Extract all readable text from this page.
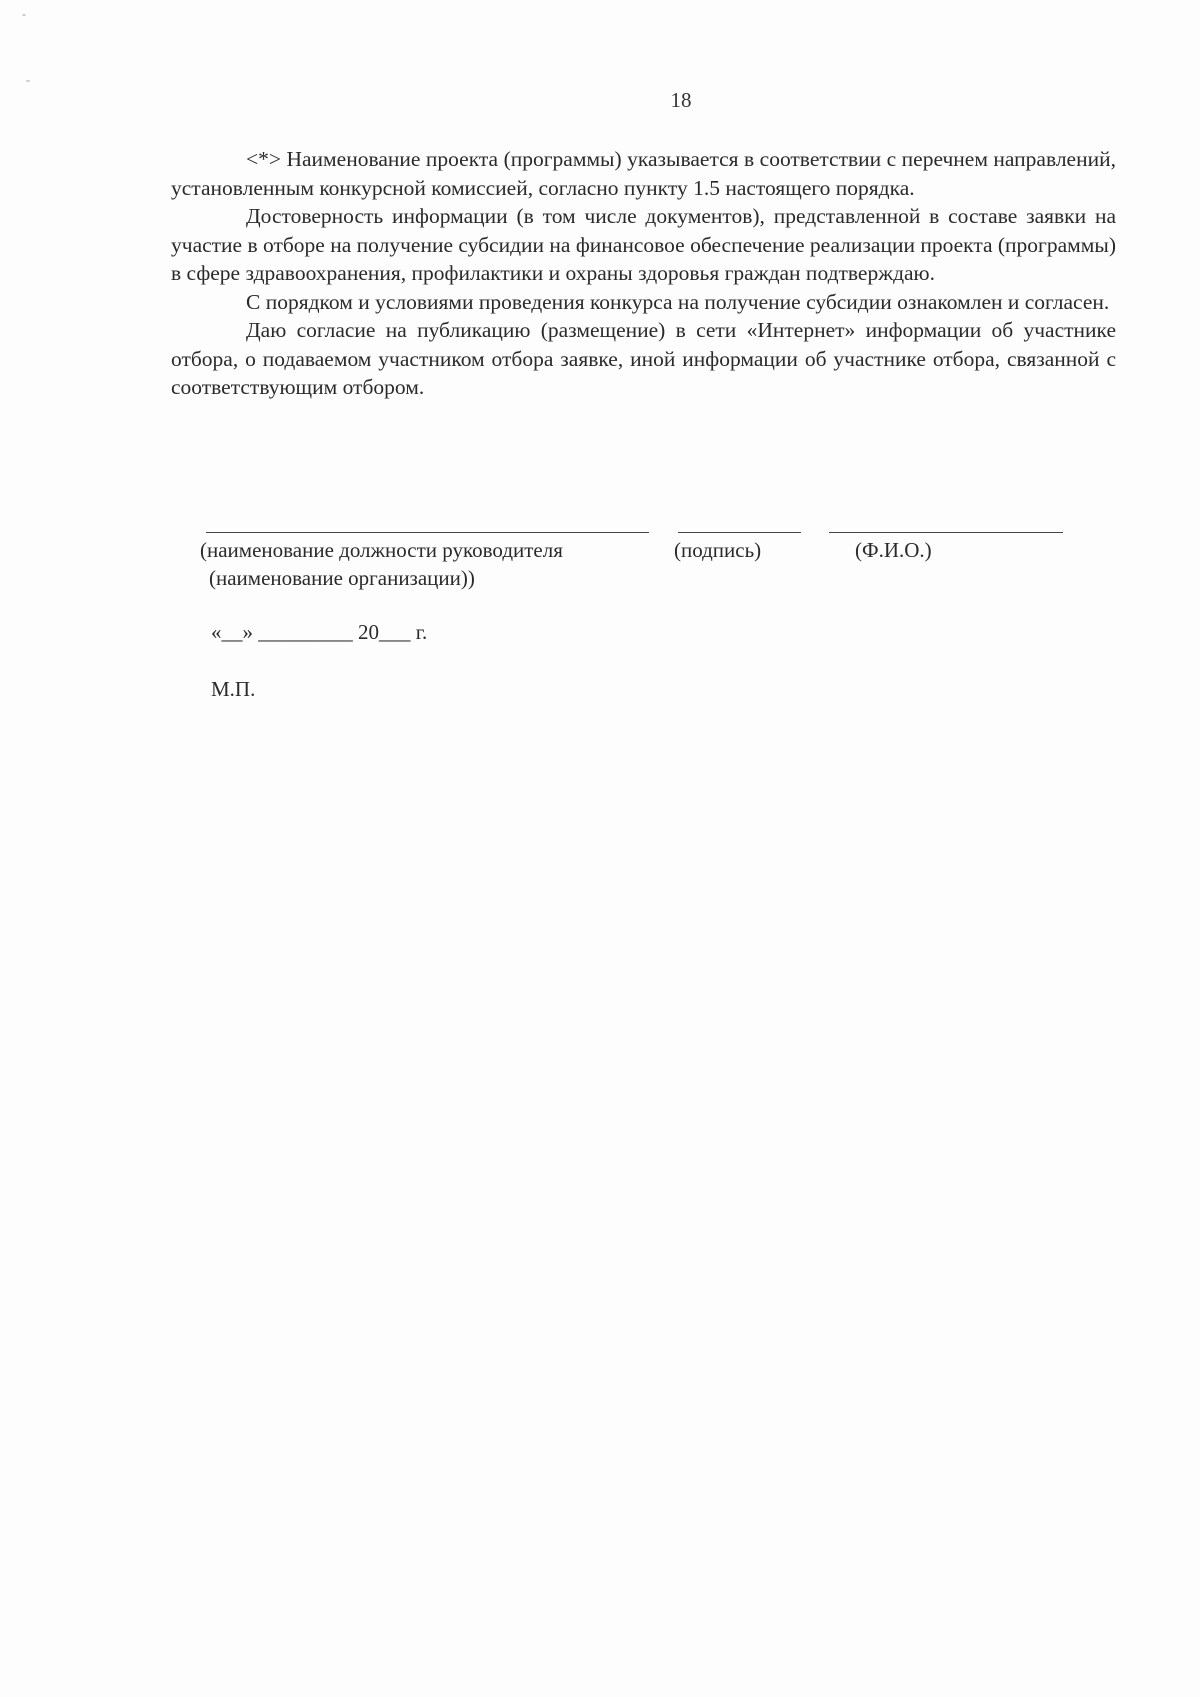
18

<*> Наименование проекта (программы) указывается в соответствии с перечнем направлений, установленным конкурсной комиссией, согласно пункту 1.5 настоящего порядка.

Достоверность информации (в том числе документов), представленной в составе заявки на участие в отборе на получение субсидии на финансовое обеспечение реализации проекта (программы) в сфере здравоохранения, профилактики и охраны здоровья граждан подтверждаю.

С порядком и условиями проведения конкурса на получение субсидии ознакомлен и согласен.

Даю согласие на публикацию (размещение) в сети «Интернет» информации об участнике отбора, о подаваемом участником отбора заявке, иной информации об участнике отбора, связанной с соответствующим отбором.

(наименование должности руководителя
(наименование организации))
(подпись)	(Ф.И.О.)
«__» _________ 20___ г.
М.П.
